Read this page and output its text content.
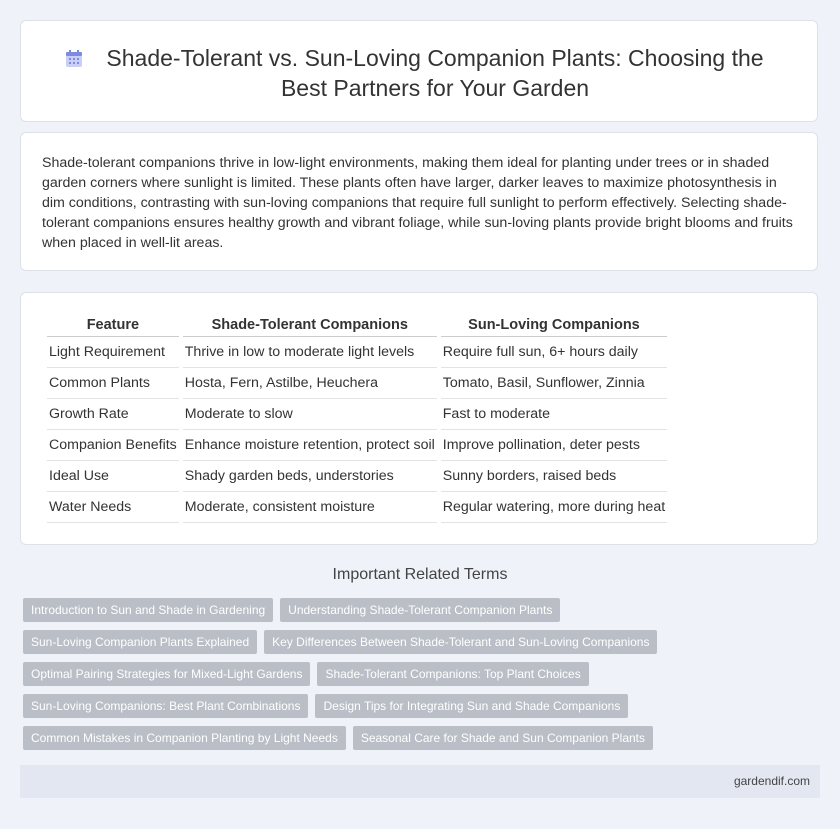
Shade-Tolerant vs. Sun-Loving Companion Plants: Choosing the Best Partners for Your Garden

Shade-tolerant companions thrive in low-light environments, making them ideal for planting under trees or in shaded garden corners where sunlight is limited. These plants often have larger, darker leaves to maximize photosynthesis in dim conditions, contrasting with sun-loving companions that require full sunlight to perform effectively. Selecting shade-tolerant companions ensures healthy growth and vibrant foliage, while sun-loving plants provide bright blooms and fruits when placed in well-lit areas.

Feature	Shade-Tolerant Companions	Sun-Loving Companions
Light Requirement	Thrive in low to moderate light levels	Require full sun, 6+ hours daily
Common Plants	Hosta, Fern, Astilbe, Heuchera	Tomato, Basil, Sunflower, Zinnia
Growth Rate	Moderate to slow	Fast to moderate
Companion Benefits	Enhance moisture retention, protect soil	Improve pollination, deter pests
Ideal Use	Shady garden beds, understories	Sunny borders, raised beds
Water Needs	Moderate, consistent moisture	Regular watering, more during heat
Important Related Terms
Introduction to Sun and Shade in Gardening	Understanding Shade-Tolerant Companion Plants
Sun-Loving Companion Plants Explained	Key Differences Between Shade-Tolerant and Sun-Loving Companions
Optimal Pairing Strategies for Mixed-Light Gardens	Shade-Tolerant Companions: Top Plant Choices
Sun-Loving Companions: Best Plant Combinations	Design Tips for Integrating Sun and Shade Companions
Common Mistakes in Companion Planting by Light Needs	Seasonal Care for Shade and Sun Companion Plants
gardendif.com
